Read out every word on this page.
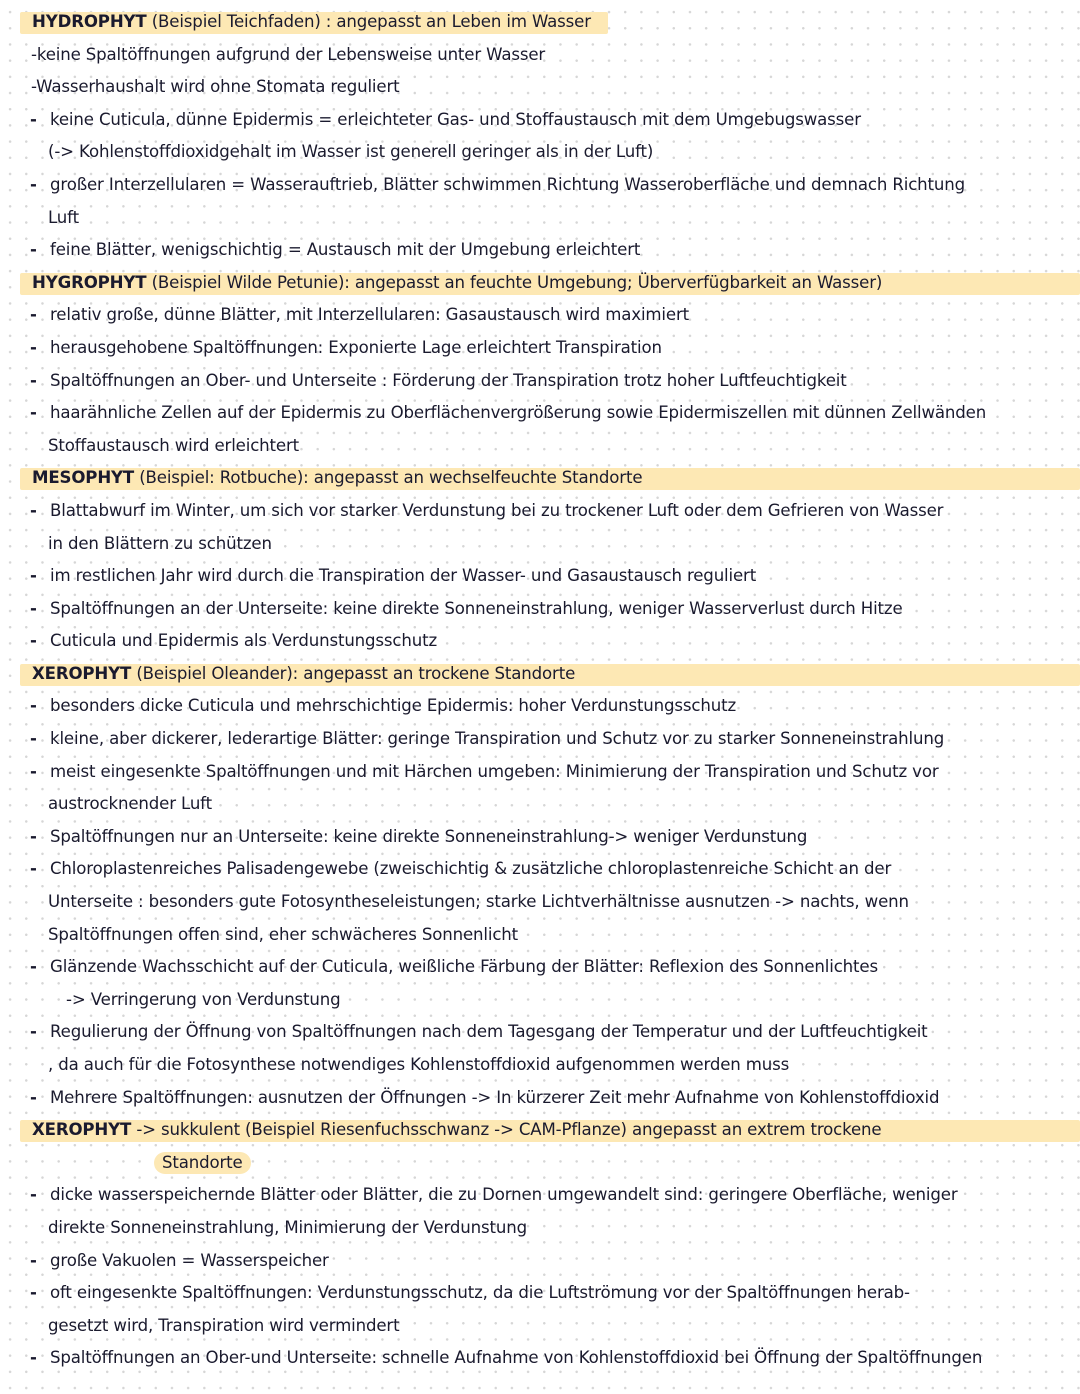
HYDROPHYT (Beispiel Teichfaden) : angepasst an Leben im Wasser
-keine Spaltöffnungen aufgrund der Lebensweise unter Wasser
-Wasserhaushalt wird ohne Stomata reguliert
- keine Cuticula, dünne Epidermis = erleichteter Gas- und Stoffaustausch mit dem Umgebugswasser
(-> Kohlenstoffdioxidgehalt im Wasser ist generell geringer als in der Luft)
- großer Interzellularen = Wasserauftrieb, Blätter schwimmen Richtung Wasseroberfläche und demnach Richtung
Luft
- feine Blätter, wenigschichtig = Austausch mit der Umgebung erleichtert
HYGROPHYT (Beispiel Wilde Petunie): angepasst an feuchte Umgebung; Überverfügbarkeit an Wasser)
- relativ große, dünne Blätter, mit Interzellularen: Gasaustausch wird maximiert
- herausgehobene Spaltöffnungen: Exponierte Lage erleichtert Transpiration
- Spaltöffnungen an Ober- und Unterseite : Förderung der Transpiration trotz hoher Luftfeuchtigkeit
- haarähnliche Zellen auf der Epidermis zu Oberflächenvergrößerung sowie Epidermiszellen mit dünnen Zellwänden
Stoffaustausch wird erleichtert
MESOPHYT (Beispiel: Rotbuche): angepasst an wechselfeuchte Standorte
- Blattabwurf im Winter, um sich vor starker Verdunstung bei zu trockener Luft oder dem Gefrieren von Wasser
in den Blättern zu schützen
- im restlichen Jahr wird durch die Transpiration der Wasser- und Gasaustausch reguliert
- Spaltöffnungen an der Unterseite: keine direkte Sonneneinstrahlung, weniger Wasserverlust durch Hitze
- Cuticula und Epidermis als Verdunstungsschutz
XEROPHYT (Beispiel Oleander): angepasst an trockene Standorte
- besonders dicke Cuticula und mehrschichtige Epidermis: hoher Verdunstungsschutz
- kleine, aber dickerer, lederartige Blätter: geringe Transpiration und Schutz vor zu starker Sonneneinstrahlung
- meist eingesenkte Spaltöffnungen und mit Härchen umgeben: Minimierung der Transpiration und Schutz vor
austrocknender Luft
- Spaltöffnungen nur an Unterseite: keine direkte Sonneneinstrahlung-> weniger Verdunstung
- Chloroplastenreiches Palisadengewebe (zweischichtig & zusätzliche chloroplastenreiche Schicht an der
Unterseite : besonders gute Fotosyntheseleistungen; starke Lichtverhältnisse ausnutzen -> nachts, wenn
Spaltöffnungen offen sind, eher schwächeres Sonnenlicht
- Glänzende Wachsschicht auf der Cuticula, weißliche Färbung der Blätter: Reflexion des Sonnenlichtes
-> Verringerung von Verdunstung
- Regulierung der Öffnung von Spaltöffnungen nach dem Tagesgang der Temperatur und der Luftfeuchtigkeit
, da auch für die Fotosynthese notwendiges Kohlenstoffdioxid aufgenommen werden muss
- Mehrere Spaltöffnungen: ausnutzen der Öffnungen -> In kürzerer Zeit mehr Aufnahme von Kohlenstoffdioxid
XEROPHYT -> sukkulent (Beispiel Riesenfuchsschwanz -> CAM-Pflanze) angepasst an extrem trockene
Standorte
- dicke wasserspeichernde Blätter oder Blätter, die zu Dornen umgewandelt sind: geringere Oberfläche, weniger
direkte Sonneneinstrahlung, Minimierung der Verdunstung
- große Vakuolen = Wasserspeicher
- oft eingesenkte Spaltöffnungen: Verdunstungsschutz, da die Luftströmung vor der Spaltöffnungen herab-
gesetzt wird, Transpiration wird vermindert
- Spaltöffnungen an Ober-und Unterseite: schnelle Aufnahme von Kohlenstoffdioxid bei Öffnung der Spaltöffnungen
